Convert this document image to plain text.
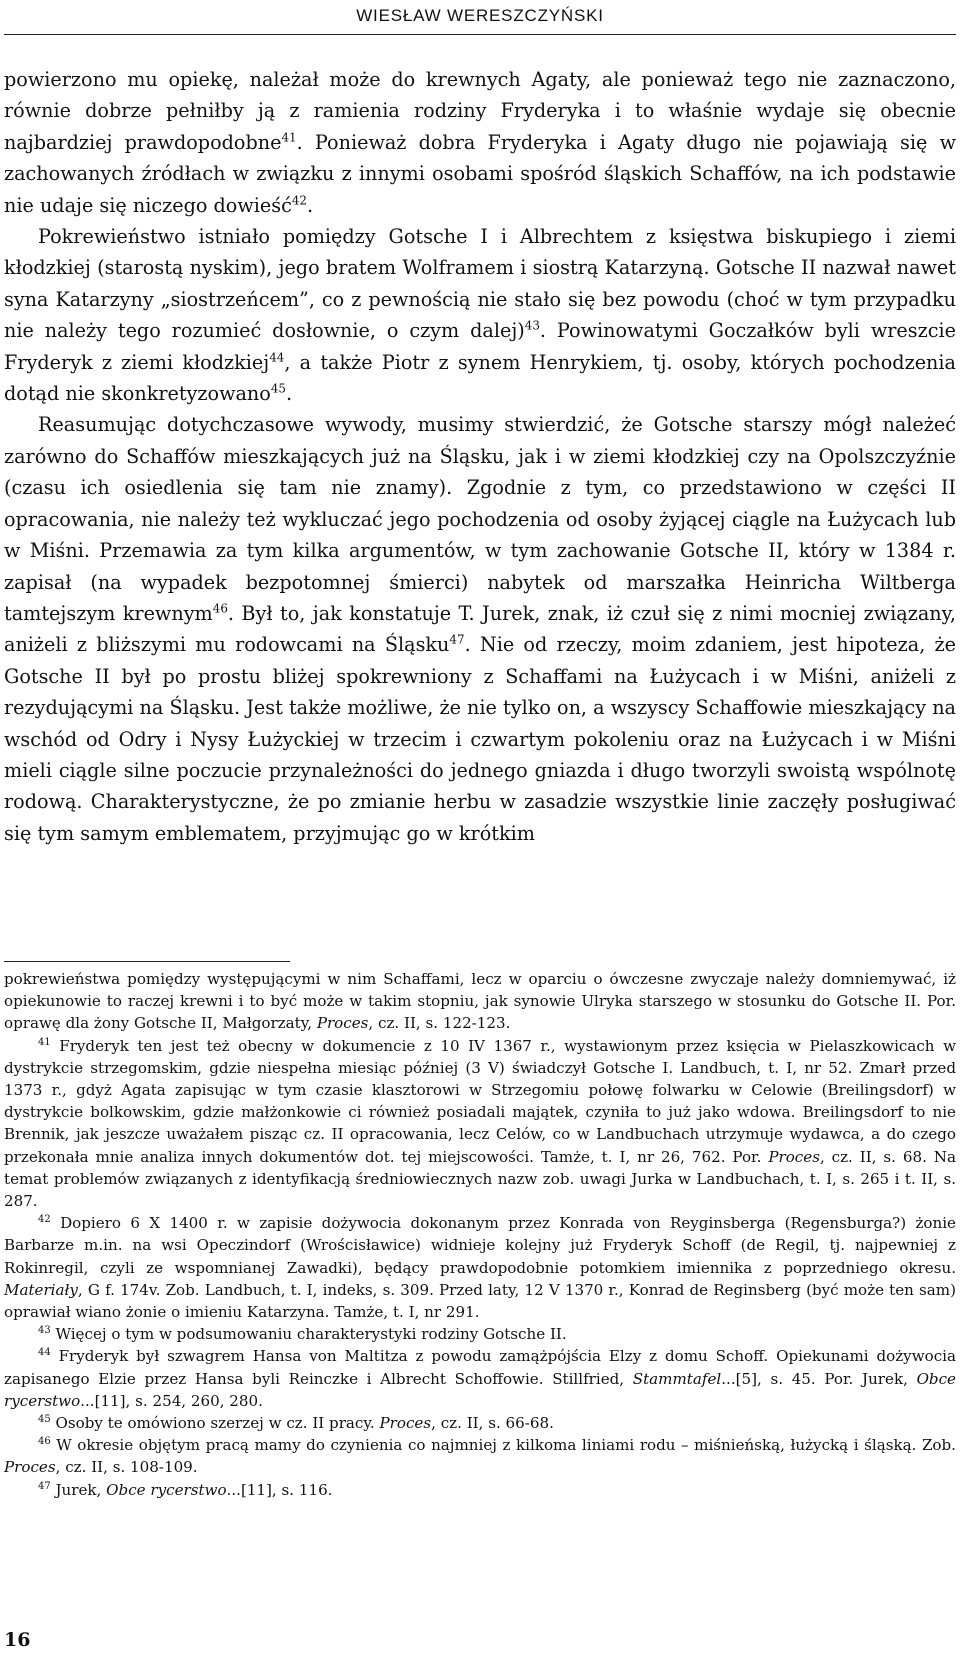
WIESŁAW WERESZCZYŃSKI

powierzono mu opiekę, należał może do krewnych Agaty, ale ponieważ tego nie zaznaczono, równie dobrze pełniłby ją z ramienia rodziny Fryderyka i to właśnie wydaje się obecnie najbardziej prawdopodobne$^{41}$. Ponieważ dobra Fryderyka i Agaty długo nie pojawiają się w zachowanych źródłach w związku z innymi osobami spośród śląskich Schaffów, na ich podstawie nie udaje się niczego dowieść$^{42}$.

Pokrewieństwo istniało pomiędzy Gotsche I i Albrechtem z księstwa biskupiego i ziemi kłodzkiej (starostą nyskim), jego bratem Wolframem i siostrą Katarzyną. Gotsche II nazwał nawet syna Katarzyny „siostrzeńcem”, co z pewnością nie stało się bez powodu (choć w tym przypadku nie należy tego rozumieć dosłownie, o czym dalej)$^{43}$. Powinowatymi Goczałków byli wreszcie Fryderyk z ziemi kłodzkiej$^{44}$, a także Piotr z synem Henrykiem, tj. osoby, których pochodzenia dotąd nie skonkretyzowano$^{45}$.

Reasumując dotychczasowe wywody, musimy stwierdzić, że Gotsche starszy mógł należeć zarówno do Schaffów mieszkających już na Śląsku, jak i w ziemi kłodzkiej czy na Opolszczyźnie (czasu ich osiedlenia się tam nie znamy). Zgodnie z tym, co przedstawiono w części II opracowania, nie należy też wykluczać jego pochodzenia od osoby żyjącej ciągle na Łużycach lub w Miśni. Przemawia za tym kilka argumentów, w tym zachowanie Gotsche II, który w 1384 r. zapisał (na wypadek bezpotomnej śmierci) nabytek od marszałka Heinricha Wiltberga tamtejszym krewnym$^{46}$. Był to, jak konstatuje T. Jurek, znak, iż czuł się z nimi mocniej związany, aniżeli z bliższymi mu rodowcami na Śląsku$^{47}$. Nie od rzeczy, moim zdaniem, jest hipoteza, że Gotsche II był po prostu bliżej spokrewniony z Schaffami na Łużycach i w Miśni, aniżeli z rezydującymi na Śląsku. Jest także możliwe, że nie tylko on, a wszyscy Schaffowie mieszkający na wschód od Odry i Nysy Łużyckiej w trzecim i czwartym pokoleniu oraz na Łużycach i w Miśni mieli ciągle silne poczucie przynależności do jednego gniazda i długo tworzyli swoistą wspólnotę rodową. Charakterystyczne, że po zmianie herbu w zasadzie wszystkie linie zaczęły posługiwać się tym samym emblematem, przyjmując go w krótkim

pokrewieństwa pomiędzy występującymi w nim Schaffami, lecz w oparciu o ówczesne zwyczaje należy domniemywać, iż opiekunowie to raczej krewni i to być może w takim stopniu, jak synowie Ulryka starszego w stosunku do Gotsche II. Por. oprawę dla żony Gotsche II, Małgorzaty, Proces, cz. II, s. 122-123.

$^{41}$ Fryderyk ten jest też obecny w dokumencie z 10 IV 1367 r., wystawionym przez księcia w Pielaszkowicach w dystrykcie strzegomskim, gdzie niespełna miesiąc później (3 V) świadczył Gotsche I. Landbuch, t. I, nr 52. Zmarł przed 1373 r., gdyż Agata zapisując w tym czasie klasztorowi w Strzegomiu połowę folwarku w Celowie (Breilingsdorf) w dystrykcie bolkowskim, gdzie małżonkowie ci również posiadali majątek, czyniła to już jako wdowa. Breilingsdorf to nie Brennik, jak jeszcze uważałem pisząc cz. II opracowania, lecz Celów, co w Landbuchach utrzymuje wydawca, a do czego przekonała mnie analiza innych dokumentów dot. tej miejscowości. Tamże, t. I, nr 26, 762. Por. Proces, cz. II, s. 68. Na temat problemów związanych z identyfikacją średniowiecznych nazw zob. uwagi Jurka w Landbuchach, t. I, s. 265 i t. II, s. 287.

$^{42}$ Dopiero 6 X 1400 r. w zapisie dożywocia dokonanym przez Konrada von Reyginsberga (Regensburga?) żonie Barbarze m.in. na wsi Opeczindorf (Wrościsławice) widnieje kolejny już Fryderyk Schoff (de Regil, tj. najpewniej z Rokinregil, czyli ze wspomnianej Zawadki), będący prawdopodobnie potomkiem imiennika z poprzedniego okresu. Materiały, G f. 174v. Zob. Landbuch, t. I, indeks, s. 309. Przed laty, 12 V 1370 r., Konrad de Reginsberg (być może ten sam) oprawiał wiano żonie o imieniu Katarzyna. Tamże, t. I, nr 291.

$^{43}$ Więcej o tym w podsumowaniu charakterystyki rodziny Gotsche II.

$^{44}$ Fryderyk był szwagrem Hansa von Maltitza z powodu zamążpójścia Elzy z domu Schoff. Opiekunami dożywocia zapisanego Elzie przez Hansa byli Reinczke i Albrecht Schoffowie. Stillfried, Stammtafel...[5], s. 45. Por. Jurek, Obce rycerstwo...[11], s. 254, 260, 280.

$^{45}$ Osoby te omówiono szerzej w cz. II pracy. Proces, cz. II, s. 66-68.

$^{46}$ W okresie objętym pracą mamy do czynienia co najmniej z kilkoma liniami rodu – miśnieńską, łużycką i śląską. Zob. Proces, cz. II, s. 108-109.

$^{47}$ Jurek, Obce rycerstwo...[11], s. 116.

16
